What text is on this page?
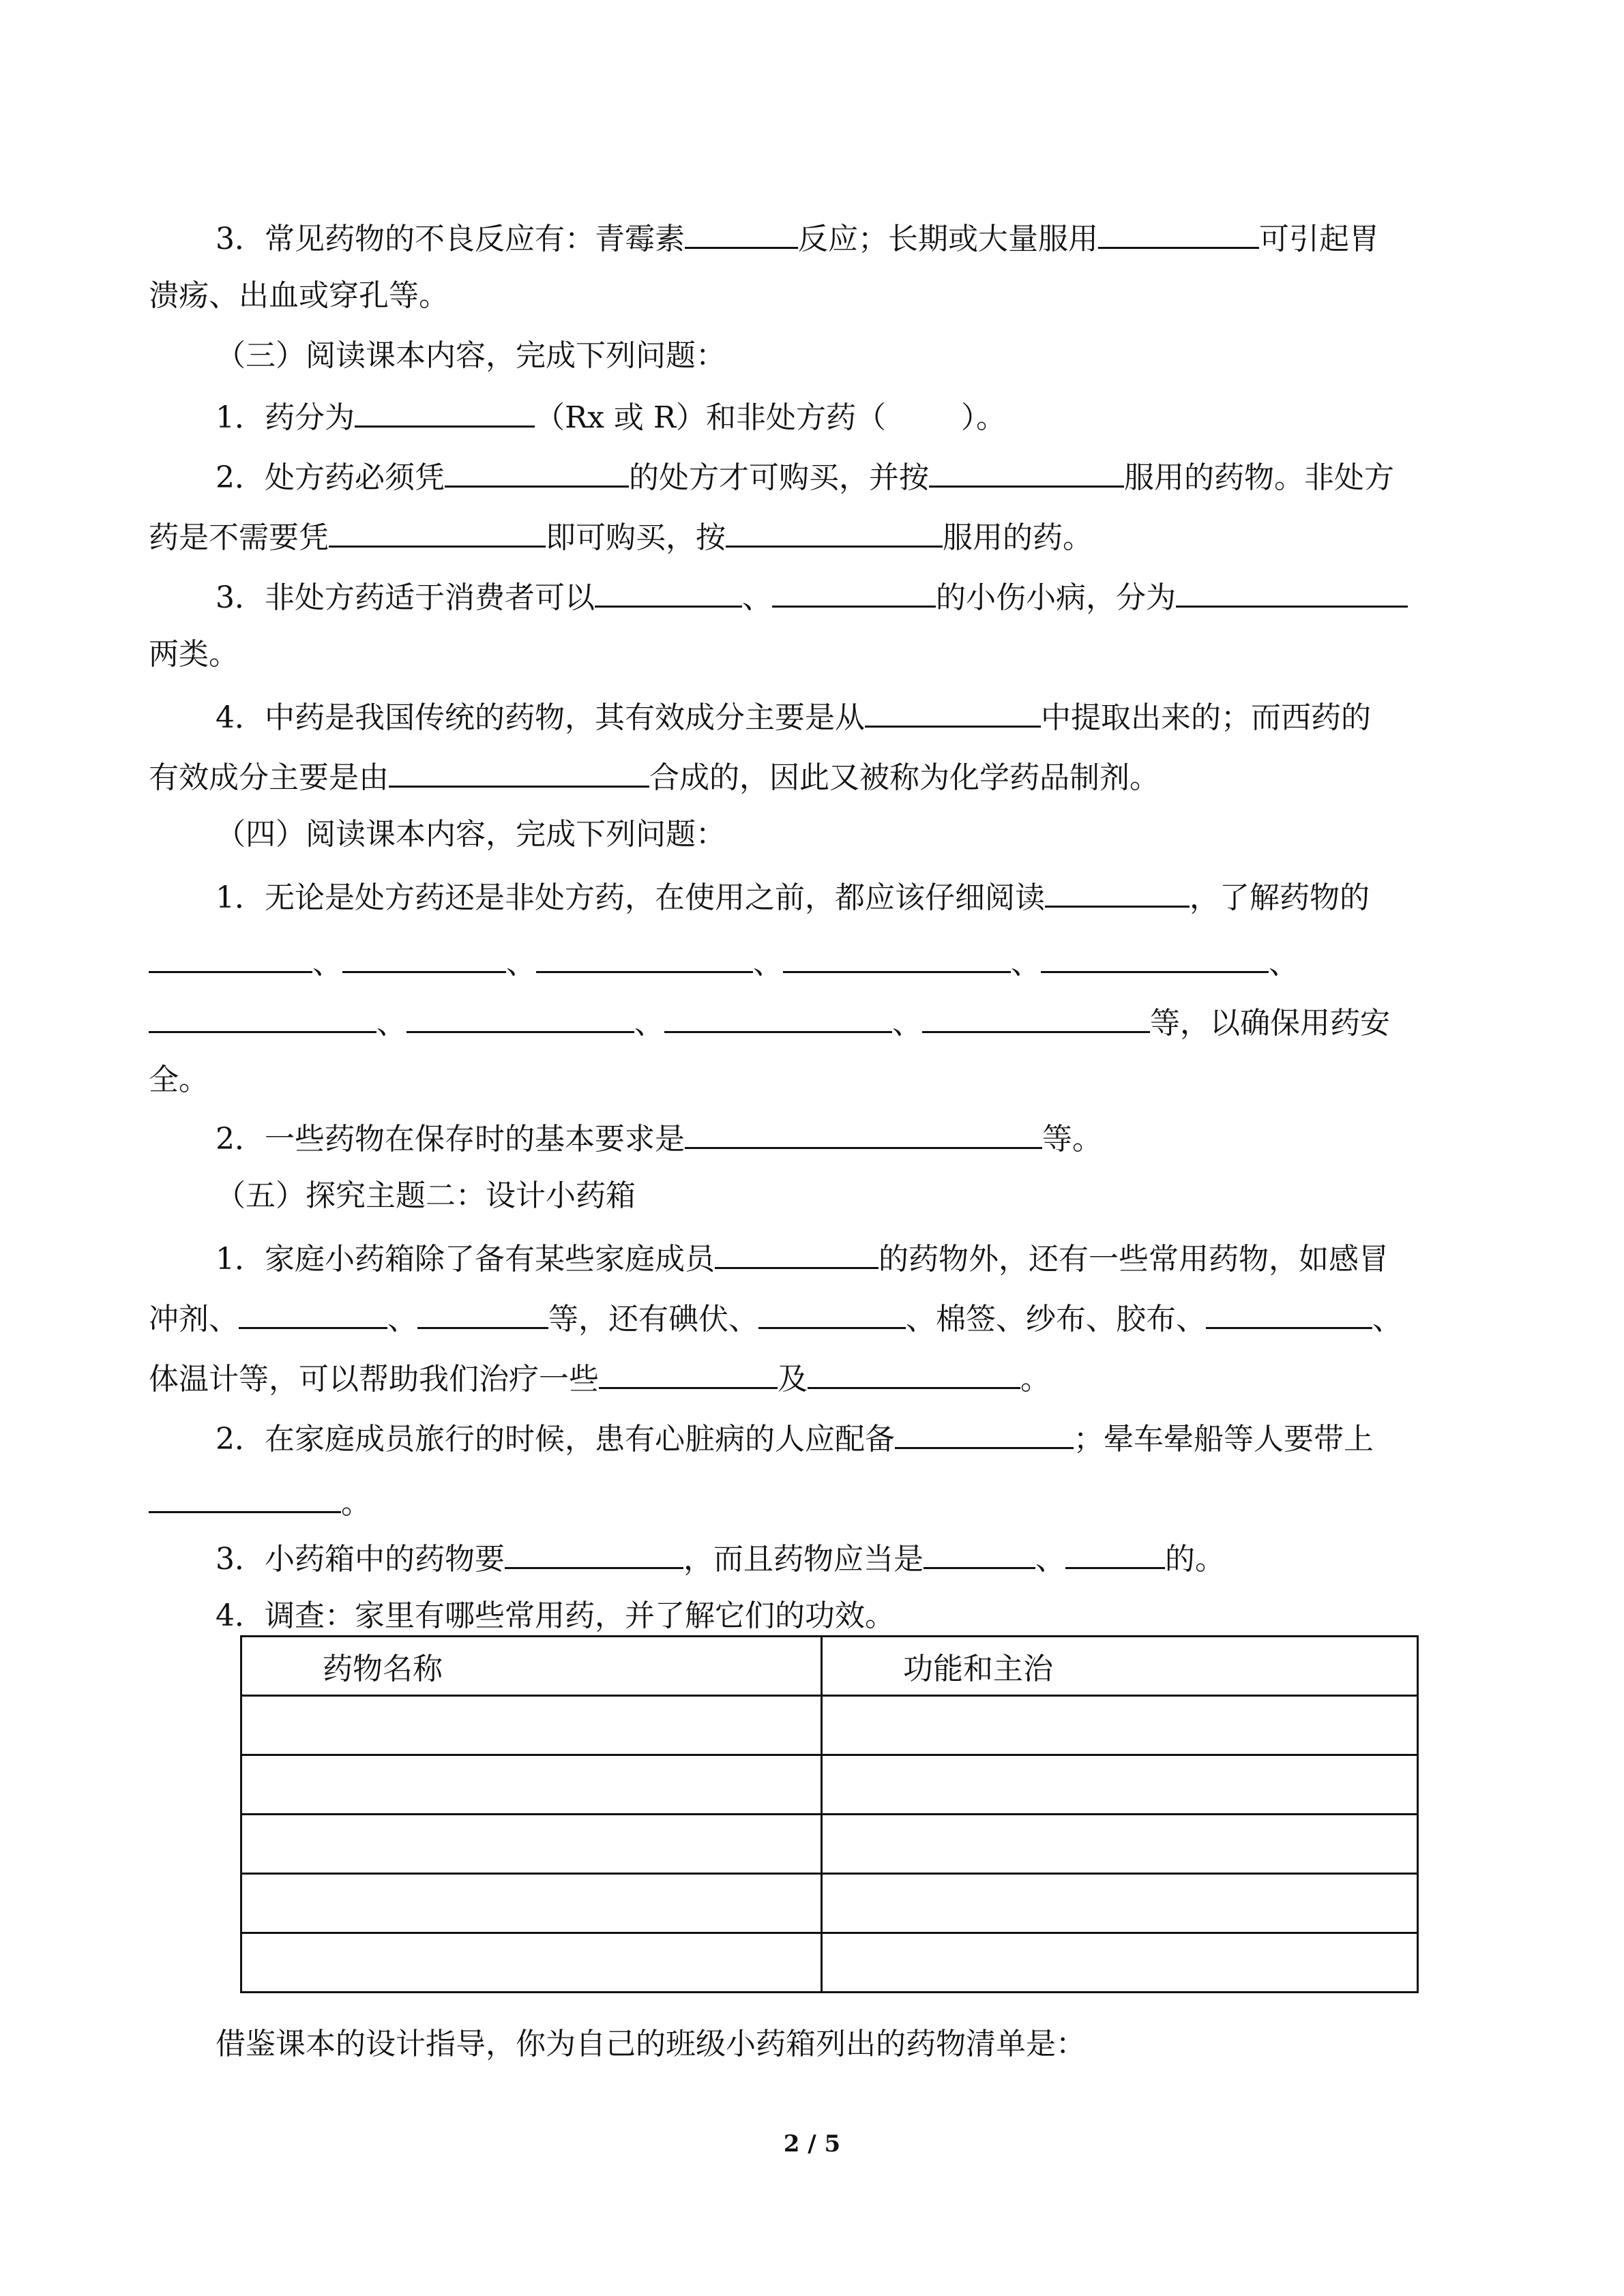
3．常见药物的不良反应有：青霉素	反应；长期或大量服用	可引起胃
溃疡、出血或穿孔等。
（三）阅读课本内容，完成下列问题：
1．药分为	（Rx 或 R）和非处方药（	）。
2．处方药必须凭	的处方才可购买，并按	服用的药物。非处方
药是不需要凭	即可购买，按	服用的药。
3．非处方药适于消费者可以	、	的小伤小病，分为
两类。
4．中药是我国传统的药物，其有效成分主要是从	中提取出来的；而西药的
有效成分主要是由	合成的，因此又被称为化学药品制剂。
（四）阅读课本内容，完成下列问题：
1．无论是处方药还是非处方药，在使用之前，都应该仔细阅读	，了解药物的
、	、	、	、	、
、	、	、	等，以确保用药安
全。
2．一些药物在保存时的基本要求是	等。
（五）探究主题二：设计小药箱
1．家庭小药箱除了备有某些家庭成员	的药物外，还有一些常用药物，如感冒
冲剂、	、	等，还有碘伏、	、棉签、纱布、胶布、	、
体温计等，可以帮助我们治疗一些	及	。
2．在家庭成员旅行的时候，患有心脏病的人应配备	；晕车晕船等人要带上
。
3．小药箱中的药物要	，而且药物应当是	、	的。
4．调查：家里有哪些常用药，并了解它们的功效。
药物名称	功能和主治

借鉴课本的设计指导，你为自己的班级小药箱列出的药物清单是：
2 / 5
